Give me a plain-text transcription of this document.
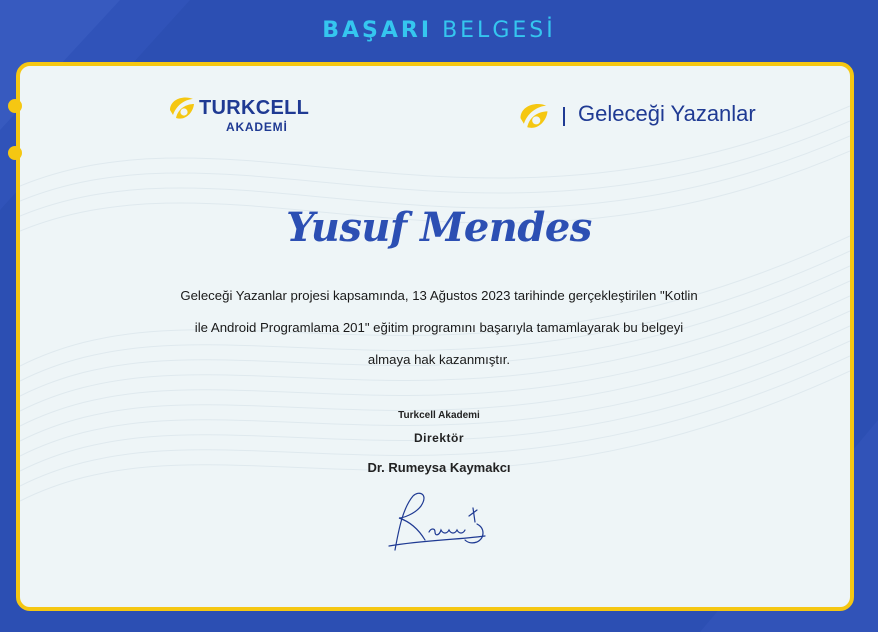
BAŞARI BELGESİ
TURKCELL
AKADEMİ
Geleceği Yazanlar
Yusuf Mendes
Geleceği Yazanlar projesi kapsamında, 13 Ağustos 2023 tarihinde gerçekleştirilen "Kotlin
ile Android Programlama 201" eğitim programını başarıyla tamamlayarak bu belgeyi
almaya hak kazanmıştır.
Turkcell Akademi
Direktör
Dr. Rumeysa Kaymakcı
